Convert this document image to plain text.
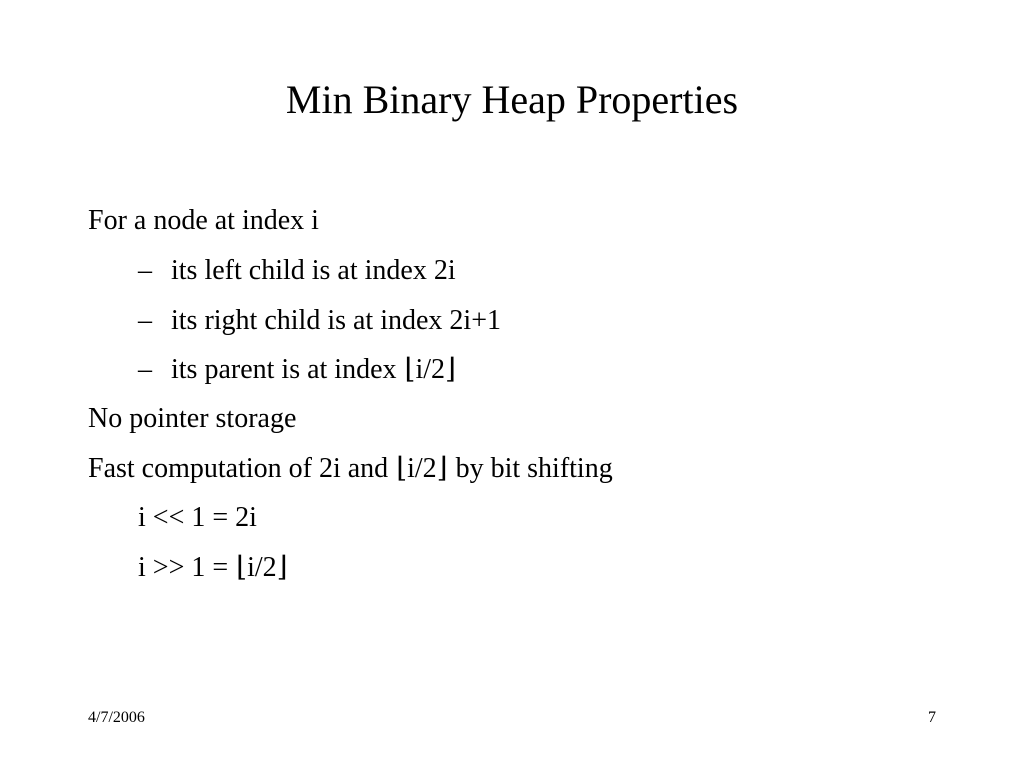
Min Binary Heap Properties
For a node at index i
– its left child is at index 2i
– its right child is at index 2i+1
– its parent is at index ⌊i/2⌋
No pointer storage
Fast computation of 2i and ⌊i/2⌋ by bit shifting
i << 1 = 2i
i >> 1 = ⌊i/2⌋
4/7/2006	7
